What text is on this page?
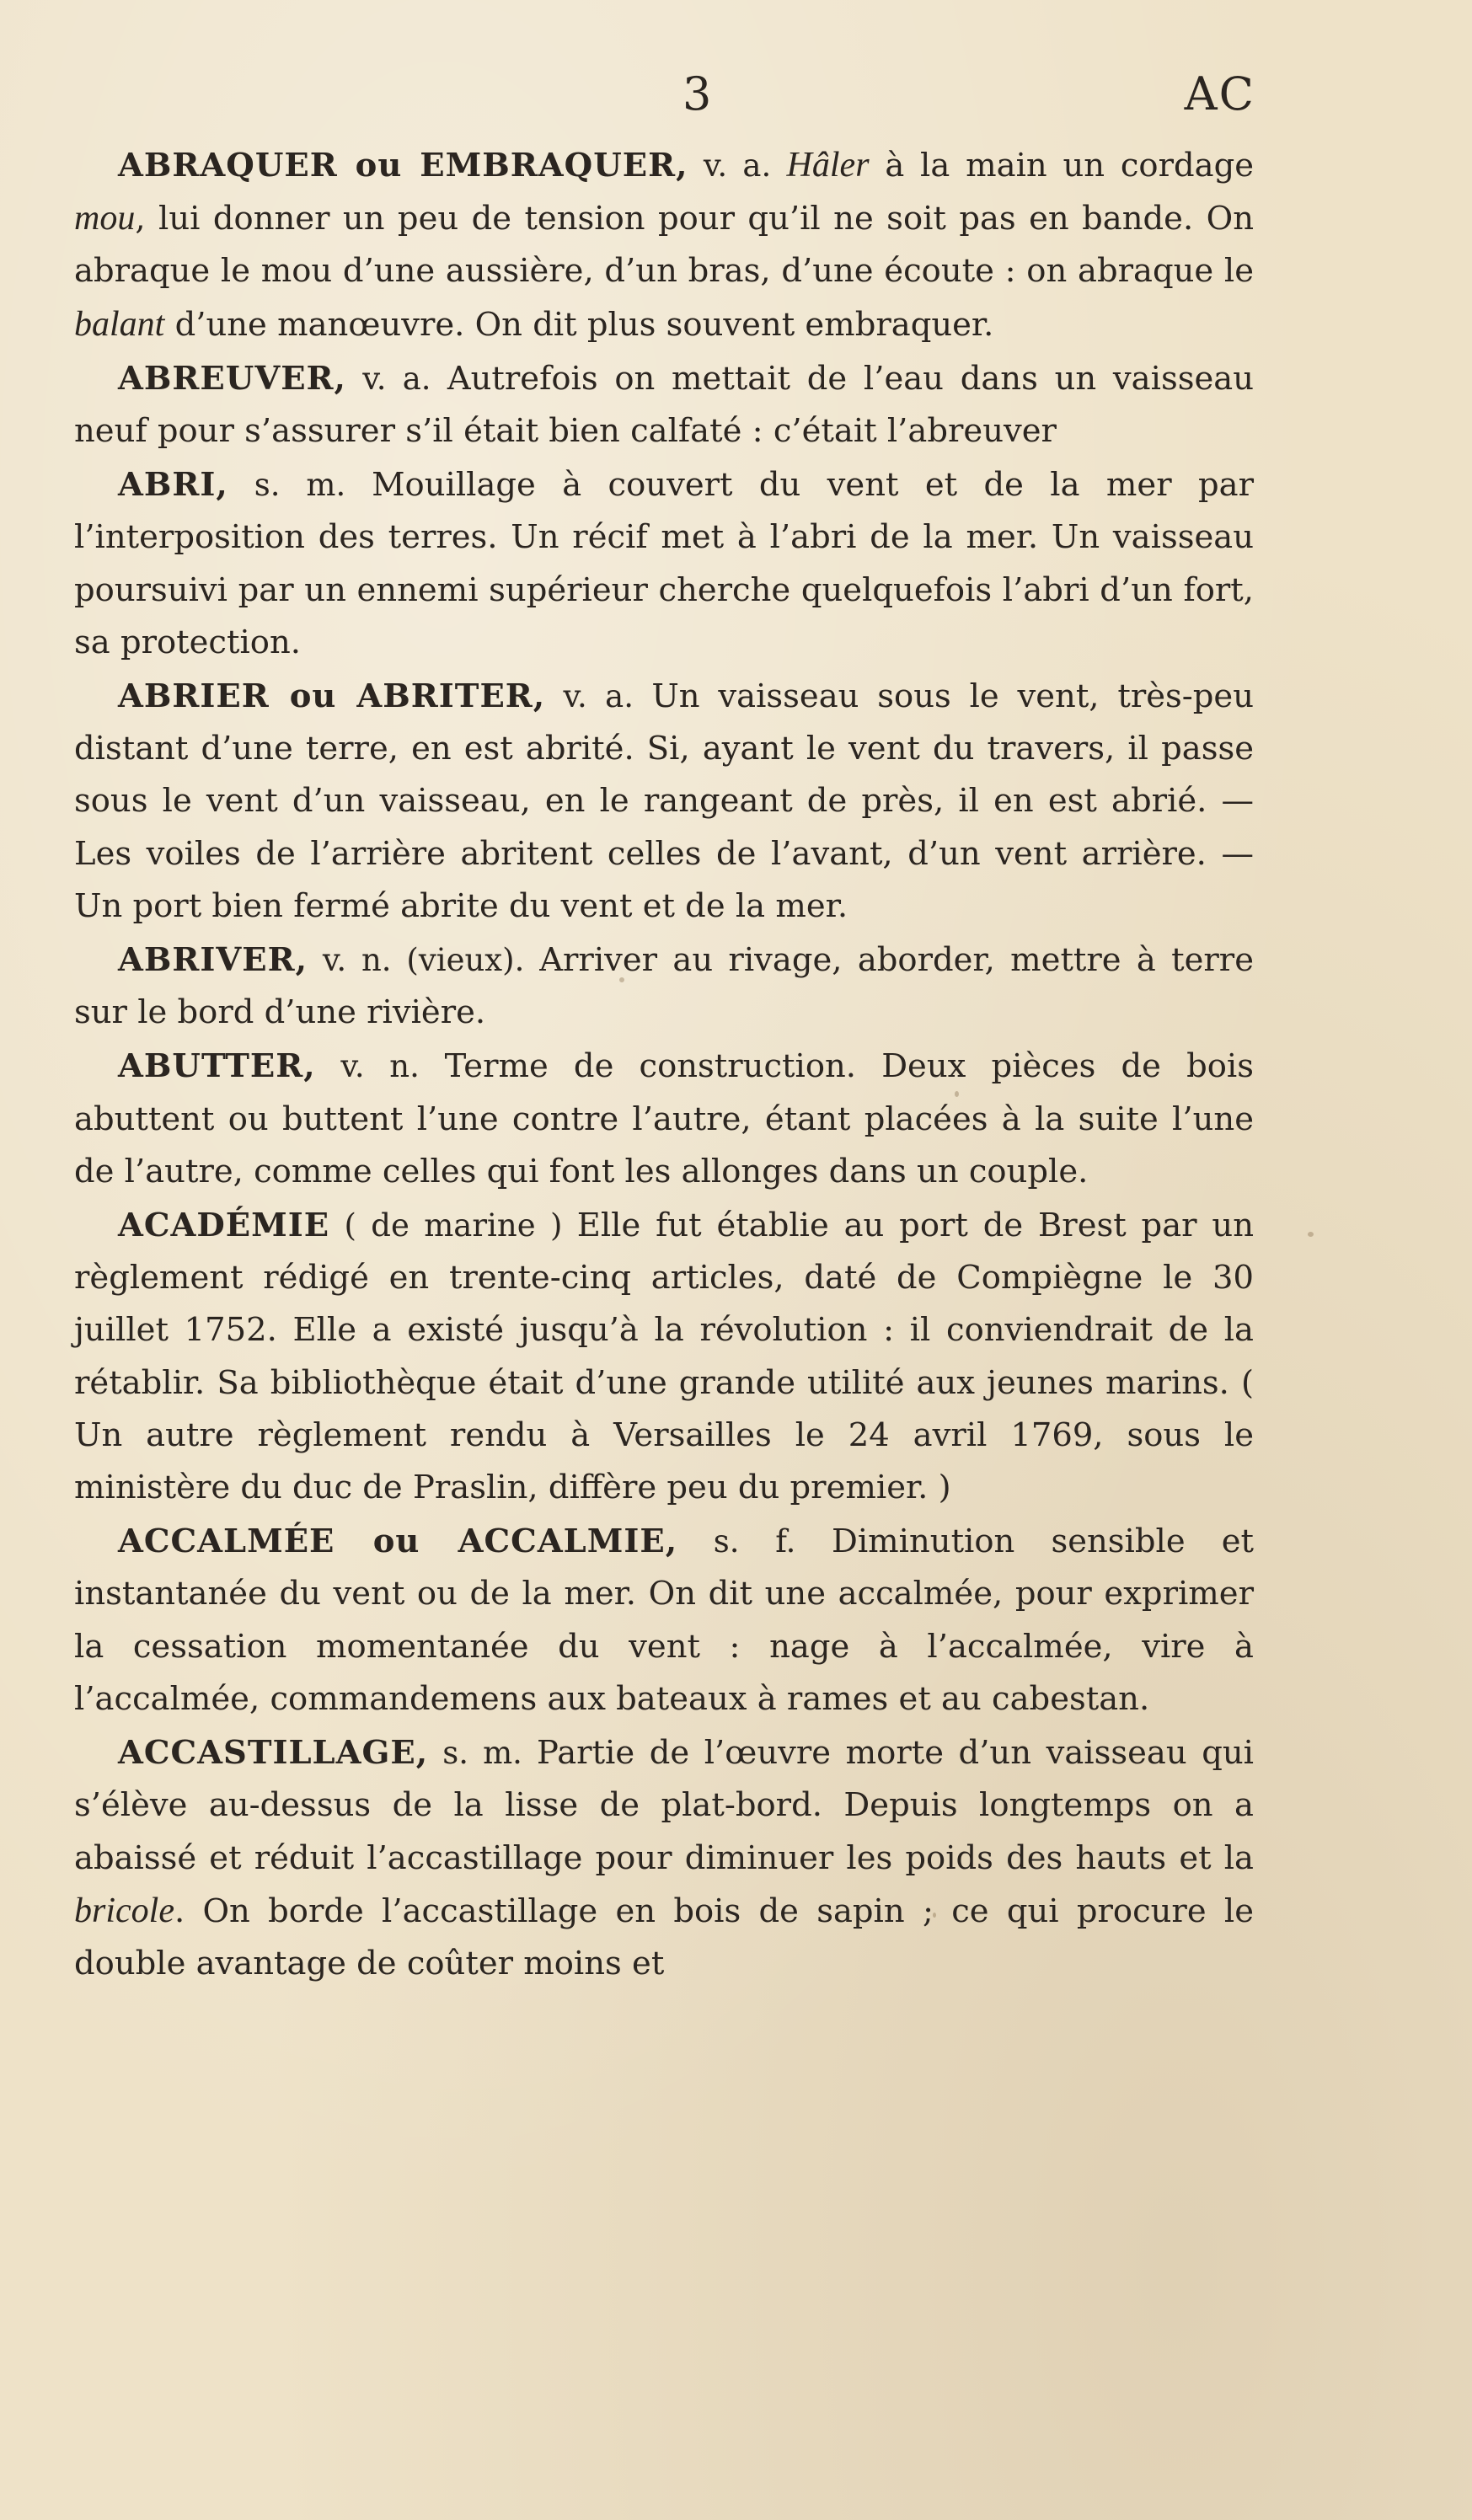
3	AC

ABRAQUER ou EMBRAQUER, v. a. Hâler à la main un cordage mou, lui donner un peu de tension pour qu’il ne soit pas en bande. On abraque le mou d’une aussière, d’un bras, d’une écoute : on abraque le balant d’une manœuvre. On dit plus souvent embraquer.

ABREUVER, v. a. Autrefois on mettait de l’eau dans un vaisseau neuf pour s’assurer s’il était bien calfaté : c’était l’abreuver

ABRI, s. m. Mouillage à couvert du vent et de la mer par l’interposition des terres. Un récif met à l’abri de la mer. Un vaisseau poursuivi par un ennemi supérieur cherche quelquefois l’abri d’un fort, sa protection.

ABRIER ou ABRITER, v. a. Un vaisseau sous le vent, très-peu distant d’une terre, en est abrité. Si, ayant le vent du travers, il passe sous le vent d’un vaisseau, en le rangeant de près, il en est abrié. — Les voiles de l’arrière abritent celles de l’avant, d’un vent arrière. — Un port bien fermé abrite du vent et de la mer.

ABRIVER, v. n. (vieux). Arriver au rivage, aborder, mettre à terre sur le bord d’une rivière.

ABUTTER, v. n. Terme de construction. Deux pièces de bois abuttent ou buttent l’une contre l’autre, étant placées à la suite l’une de l’autre, comme celles qui font les allonges dans un couple.

ACADÉMIE ( de marine ) Elle fut établie au port de Brest par un règlement rédigé en trente-cinq articles, daté de Compiègne le 30 juillet 1752. Elle a existé jusqu’à la révolution : il conviendrait de la rétablir. Sa bibliothèque était d’une grande utilité aux jeunes marins. ( Un autre règlement rendu à Versailles le 24 avril 1769, sous le ministère du duc de Praslin, diffère peu du premier. )

ACCALMÉE ou ACCALMIE, s. f. Diminution sensible et instantanée du vent ou de la mer. On dit une accalmée, pour exprimer la cessation momentanée du vent : nage à l’accalmée, vire à l’accalmée, commandemens aux bateaux à rames et au cabestan.

ACCASTILLAGE, s. m. Partie de l’œuvre morte d’un vaisseau qui s’élève au-dessus de la lisse de plat-bord. Depuis longtemps on a abaissé et réduit l’accastillage pour diminuer les poids des hauts et la bricole. On borde l’accastillage en bois de sapin ; ce qui procure le double avantage de coûter moins et
